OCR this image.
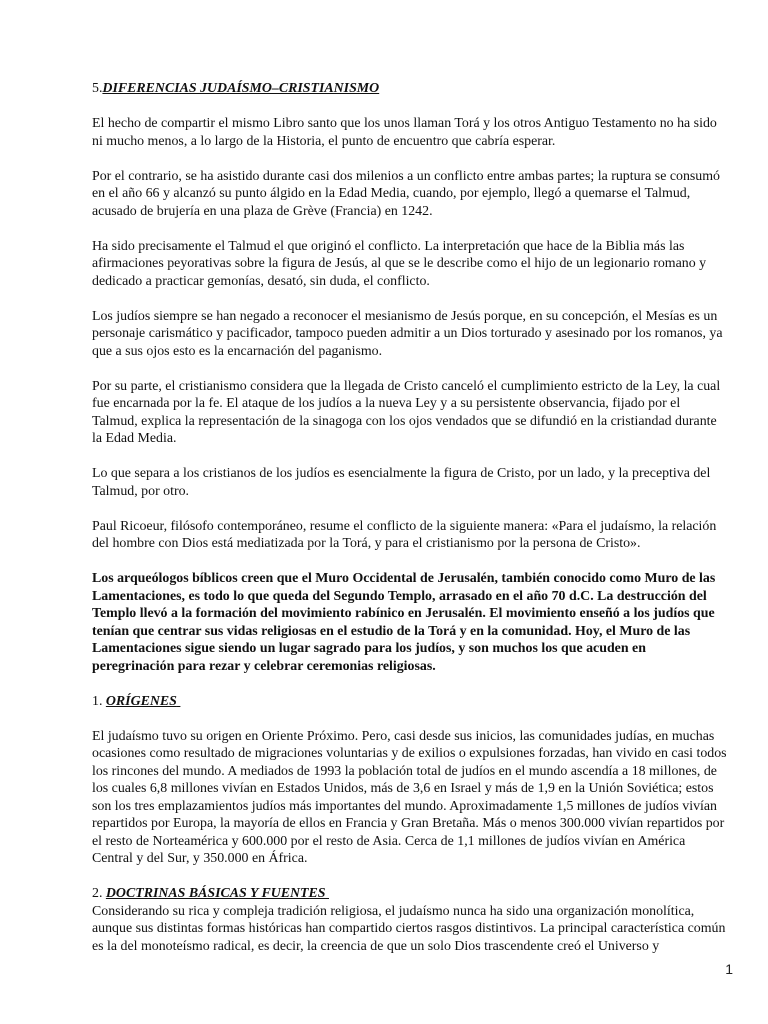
5.DIFERENCIAS JUDAÍSMO–CRISTIANISMO

El hecho de compartir el mismo Libro santo que los unos llaman Torá y los otros Antiguo Testamento no ha sido ni mucho menos, a lo largo de la Historia, el punto de encuentro que cabría esperar.

Por el contrario, se ha asistido durante casi dos milenios a un conflicto entre ambas partes; la ruptura se consumó en el año 66 y alcanzó su punto álgido en la Edad Media, cuando, por ejemplo, llegó a quemarse el Talmud, acusado de brujería en una plaza de Grève (Francia) en 1242.

Ha sido precisamente el Talmud el que originó el conflicto. La interpretación que hace de la Biblia más las afirmaciones peyorativas sobre la figura de Jesús, al que se le describe como el hijo de un legionario romano y dedicado a practicar gemonías, desató, sin duda, el conflicto.

Los judíos siempre se han negado a reconocer el mesianismo de Jesús porque, en su concepción, el Mesías es un personaje carismático y pacificador, tampoco pueden admitir a un Dios torturado y asesinado por los romanos, ya que a sus ojos esto es la encarnación del paganismo.

Por su parte, el cristianismo considera que la llegada de Cristo canceló el cumplimiento estricto de la Ley, la cual fue encarnada por la fe. El ataque de los judíos a la nueva Ley y a su persistente observancia, fijado por el Talmud, explica la representación de la sinagoga con los ojos vendados que se difundió en la cristiandad durante la Edad Media.

Lo que separa a los cristianos de los judíos es esencialmente la figura de Cristo, por un lado, y la preceptiva del Talmud, por otro.

Paul Ricoeur, filósofo contemporáneo, resume el conflicto de la siguiente manera: «Para el judaísmo, la relación del hombre con Dios está mediatizada por la Torá, y para el cristianismo por la persona de Cristo».

Los arqueólogos bíblicos creen que el Muro Occidental de Jerusalén, también conocido como Muro de las Lamentaciones, es todo lo que queda del Segundo Templo, arrasado en el año 70 d.C. La destrucción del Templo llevó a la formación del movimiento rabínico en Jerusalén. El movimiento enseñó a los judíos que tenían que centrar sus vidas religiosas en el estudio de la Torá y en la comunidad. Hoy, el Muro de las Lamentaciones sigue siendo un lugar sagrado para los judíos, y son muchos los que acuden en peregrinación para rezar y celebrar ceremonias religiosas.

1. ORÍGENES

El judaísmo tuvo su origen en Oriente Próximo. Pero, casi desde sus inicios, las comunidades judías, en muchas ocasiones como resultado de migraciones voluntarias y de exilios o expulsiones forzadas, han vivido en casi todos los rincones del mundo. A mediados de 1993 la población total de judíos en el mundo ascendía a 18 millones, de los cuales 6,8 millones vivían en Estados Unidos, más de 3,6 en Israel y más de 1,9 en la Unión Soviética; estos son los tres emplazamientos judíos más importantes del mundo. Aproximadamente 1,5 millones de judíos vivían repartidos por Europa, la mayoría de ellos en Francia y Gran Bretaña. Más o menos 300.000 vivían repartidos por el resto de Norteamérica y 600.000 por el resto de Asia. Cerca de 1,1 millones de judíos vivían en América Central y del Sur, y 350.000 en África.

2. DOCTRINAS BÁSICAS Y FUENTES

Considerando su rica y compleja tradición religiosa, el judaísmo nunca ha sido una organización monolítica, aunque sus distintas formas históricas han compartido ciertos rasgos distintivos. La principal característica común es la del monoteísmo radical, es decir, la creencia de que un solo Dios trascendente creó el Universo y

1
